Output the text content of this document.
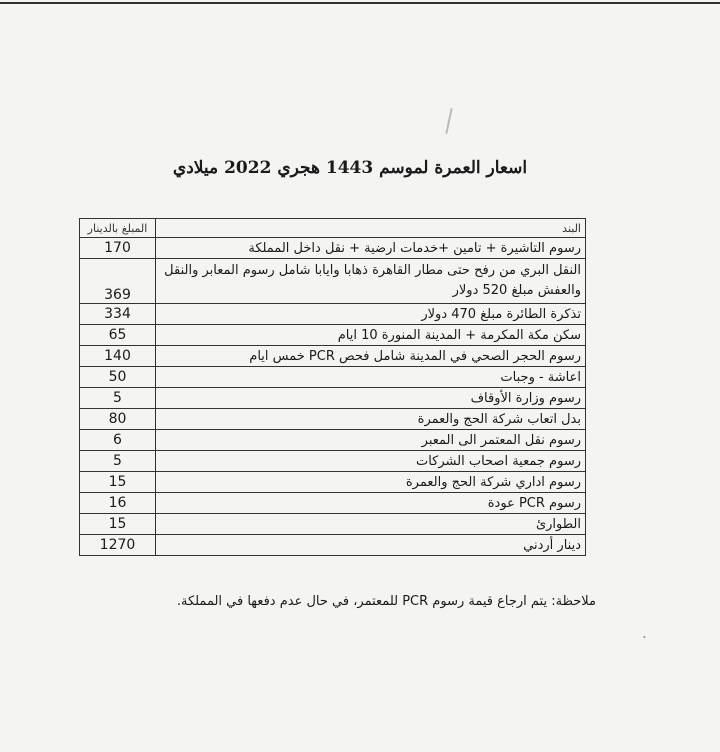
اسعار العمرة لموسم 1443 هجري 2022 ميلادي
المبلغ بالدينار	البند
170	رسوم التاشيرة + تامين +خدمات ارضية + نقل داخل المملكة
369	النقل البري من رفح حتى مطار القاهرة ذهابا وايابا شامل رسوم المعابر والنقل والعفش مبلغ 520 دولار
334	تذكرة الطائرة مبلغ 470 دولار
65	سكن مكة المكرمة + المدينة المنورة 10 ايام
140	رسوم الحجر الصحي في المدينة شامل فحص PCR خمس ايام
50	اعاشة - وجبات
5	رسوم وزارة الأوقاف
80	بدل اتعاب شركة الحج والعمرة
6	رسوم نقل المعتمر الى المعبر
5	رسوم جمعية اصحاب الشركات
15	رسوم اداري شركة الحج والعمرة
16	رسوم PCR عودة
15	الطوارئ
1270	دينار أردني
ملاحظة: يتم ارجاع قيمة رسوم PCR للمعتمر، في حال عدم دفعها في المملكة.
